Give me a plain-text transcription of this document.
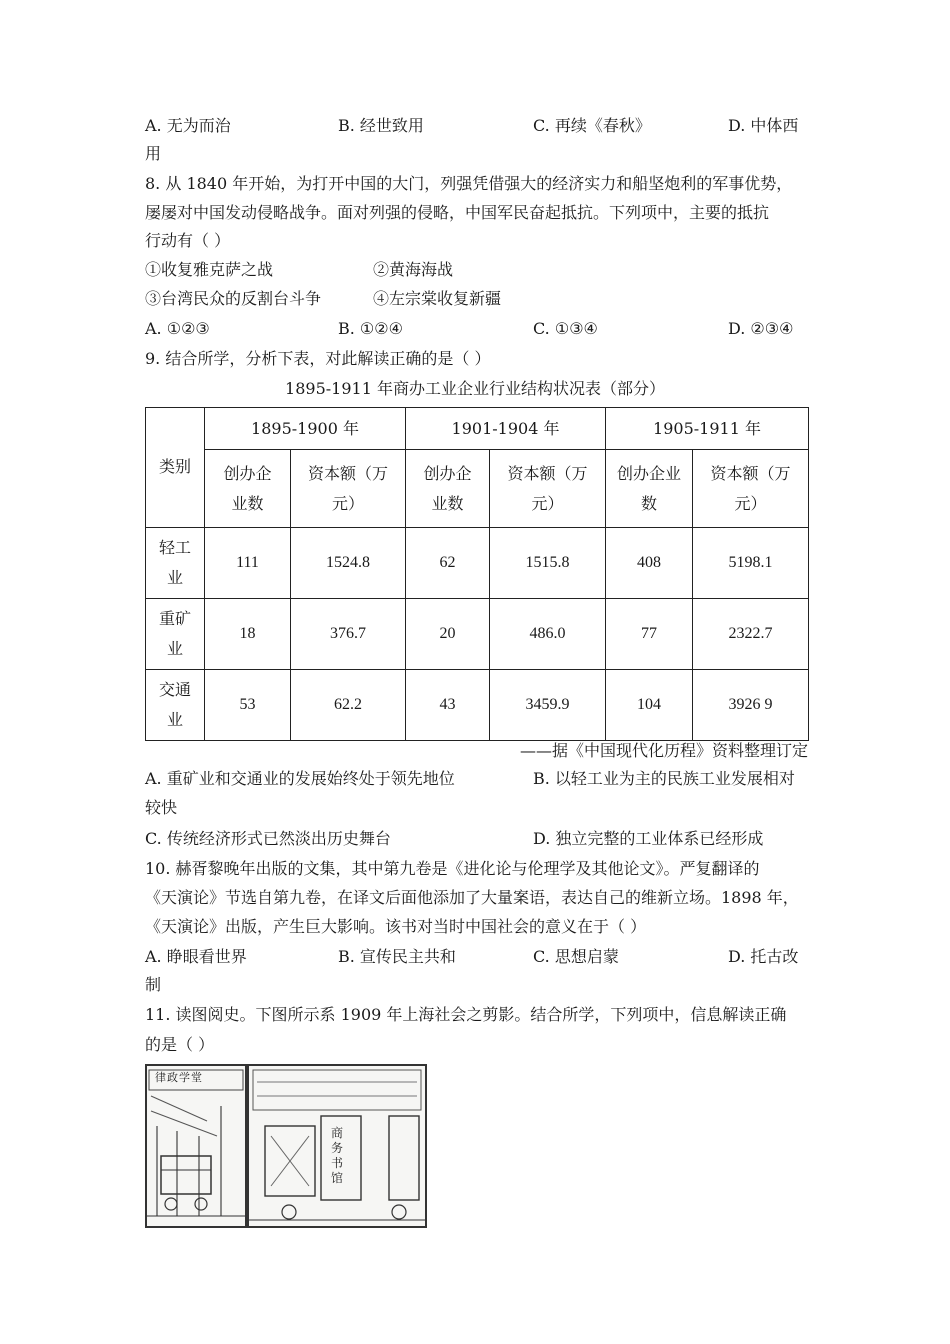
A. 无为而治	B. 经世致用	C. 再续《春秋》	D. 中体西
用
8. 从 1840 年开始，为打开中国的大门，列强凭借强大的经济实力和船坚炮利的军事优势，
屡屡对中国发动侵略战争。面对列强的侵略，中国军民奋起抵抗。下列项中，主要的抵抗
行动有（ ）
①收复雅克萨之战	②黄海海战
③台湾民众的反割台斗争	④左宗棠收复新疆
A. ①②③	B. ①②④	C. ①③④	D. ②③④
9. 结合所学，分析下表，对此解读正确的是（ ）
1895-1911 年商办工业企业行业结构状况表（部分）
类别	1895-1900 年		1901-1904 年		1905-1911 年	
	创办企业数	资本额（万元）	创办企业数	资本额（万元）	创办企业数	资本额（万元）
轻工业	111	1524.8	62	1515.8	408	5198.1
重矿业	18	376.7	20	486.0	77	2322.7
交通业	53	62.2	43	3459.9	104	3926 9
——据《中国现代化历程》资料整理订定
A. 重矿业和交通业的发展始终处于领先地位	B. 以轻工业为主的民族工业发展相对
较快
C. 传统经济形式已然淡出历史舞台	D. 独立完整的工业体系已经形成
10. 赫胥黎晚年出版的文集，其中第九卷是《进化论与伦理学及其他论文》。严复翻译的
《天演论》节选自第九卷，在译文后面他添加了大量案语，表达自己的维新立场。1898 年，
《天演论》出版，产生巨大影响。该书对当时中国社会的意义在于（ ）
A. 睁眼看世界	B. 宣传民主共和	C. 思想启蒙	D. 托古改
制
11. 读图阅史。下图所示系 1909 年上海社会之剪影。结合所学，下列项中，信息解读正确
的是（ ）
律政学堂
商务书馆
